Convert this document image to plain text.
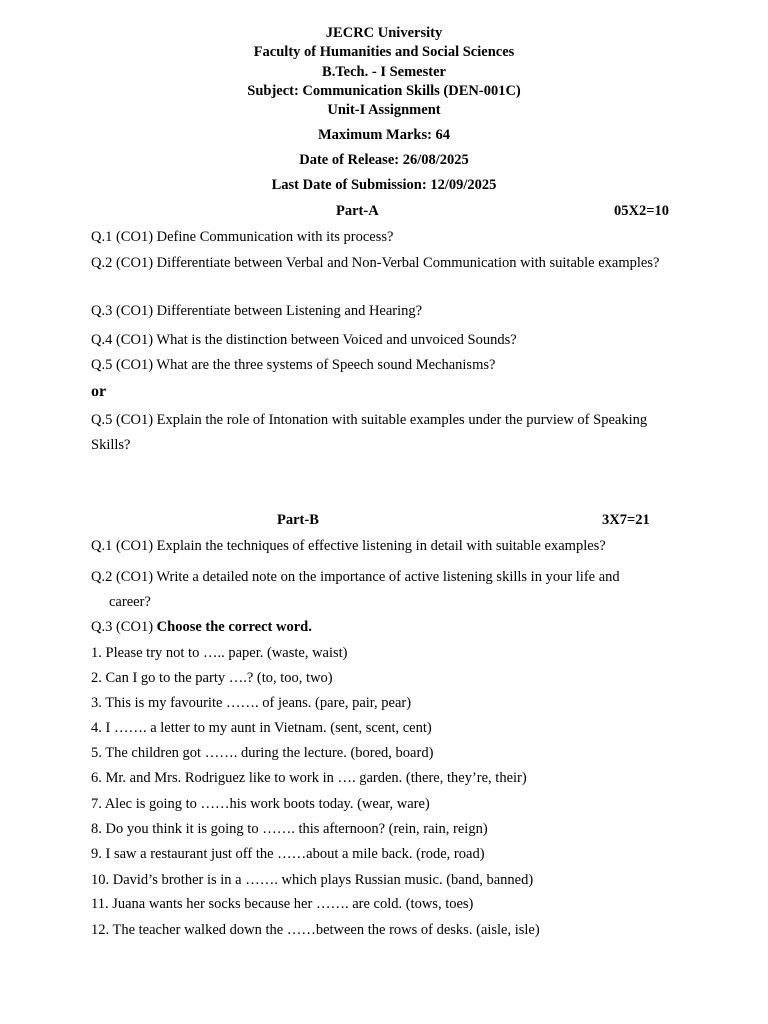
JECRC University
Faculty of Humanities and Social Sciences
B.Tech. - I Semester
Subject: Communication Skills (DEN-001C)
Unit-I Assignment
Maximum Marks: 64
Date of Release: 26/08/2025
Last Date of Submission: 12/09/2025
Part-A	05X2=10
Q.1 (CO1) Define Communication with its process?
Q.2 (CO1) Differentiate between Verbal and Non-Verbal Communication with suitable examples?
Q.3 (CO1) Differentiate between Listening and Hearing?
Q.4 (CO1) What is the distinction between Voiced and unvoiced Sounds?
Q.5 (CO1) What are the three systems of Speech sound Mechanisms?
or
Q.5 (CO1) Explain the role of Intonation with suitable examples under the purview of Speaking
Skills?
Part-B	3X7=21
Q.1 (CO1) Explain the techniques of effective listening in detail with suitable examples?
Q.2 (CO1) Write a detailed note on the importance of active listening skills in your life and
career?
Q.3 (CO1) Choose the correct word.
1. Please try not to ….. paper. (waste, waist)
2. Can I go to the party ….? (to, too, two)
3. This is my favourite ……. of jeans. (pare, pair, pear)
4. I ……. a letter to my aunt in Vietnam. (sent, scent, cent)
5. The children got ……. during the lecture. (bored, board)
6. Mr. and Mrs. Rodriguez like to work in …. garden. (there, they’re, their)
7. Alec is going to ……his work boots today. (wear, ware)
8. Do you think it is going to ……. this afternoon? (rein, rain, reign)
9. I saw a restaurant just off the ……about a mile back. (rode, road)
10. David’s brother is in a ……. which plays Russian music. (band, banned)
11. Juana wants her socks because her ……. are cold. (tows, toes)
12. The teacher walked down the ……between the rows of desks. (aisle, isle)
